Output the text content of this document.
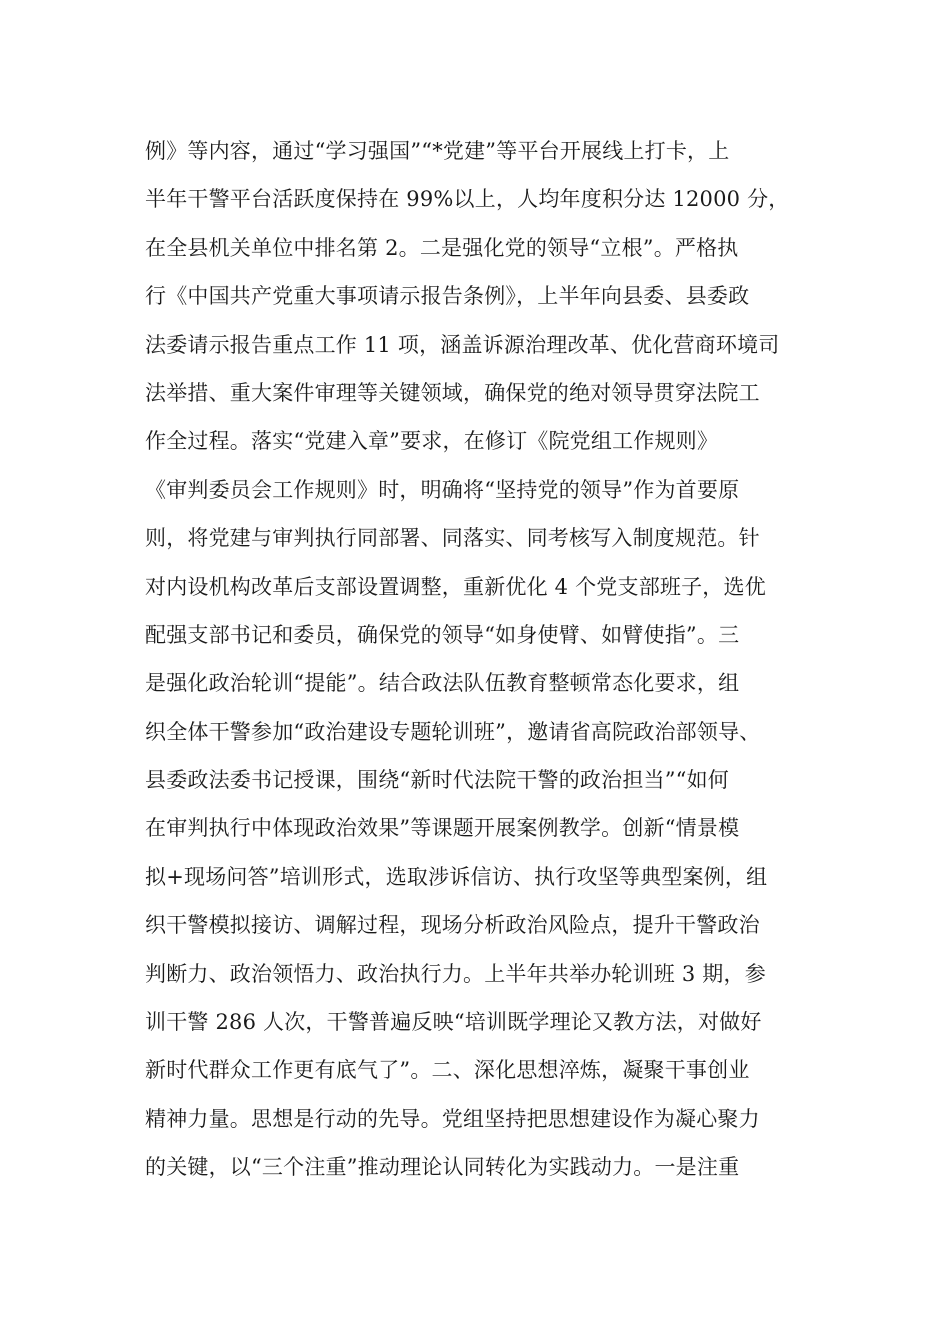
例》等内容，通过“学习强国”“*党建”等平台开展线上打卡，上
半年干警平台活跃度保持在 99%以上，人均年度积分达 12000 分，
在全县机关单位中排名第 2。二是强化党的领导“立根”。严格执
行《中国共产党重大事项请示报告条例》，上半年向县委、县委政
法委请示报告重点工作 11 项，涵盖诉源治理改革、优化营商环境司
法举措、重大案件审理等关键领域，确保党的绝对领导贯穿法院工
作全过程。落实“党建入章”要求，在修订《院党组工作规则》
《审判委员会工作规则》时，明确将“坚持党的领导”作为首要原
则，将党建与审判执行同部署、同落实、同考核写入制度规范。针
对内设机构改革后支部设置调整，重新优化 4 个党支部班子，选优
配强支部书记和委员，确保党的领导“如身使臂、如臂使指”。三
是强化政治轮训“提能”。结合政法队伍教育整顿常态化要求，组
织全体干警参加“政治建设专题轮训班”，邀请省高院政治部领导、
县委政法委书记授课，围绕“新时代法院干警的政治担当”“如何
在审判执行中体现政治效果”等课题开展案例教学。创新“情景模
拟+现场问答”培训形式，选取涉诉信访、执行攻坚等典型案例，组
织干警模拟接访、调解过程，现场分析政治风险点，提升干警政治
判断力、政治领悟力、政治执行力。上半年共举办轮训班 3 期，参
训干警 286 人次，干警普遍反映“培训既学理论又教方法，对做好
新时代群众工作更有底气了”。二、深化思想淬炼，凝聚干事创业
精神力量。思想是行动的先导。党组坚持把思想建设作为凝心聚力
的关键，以“三个注重”推动理论认同转化为实践动力。一是注重
